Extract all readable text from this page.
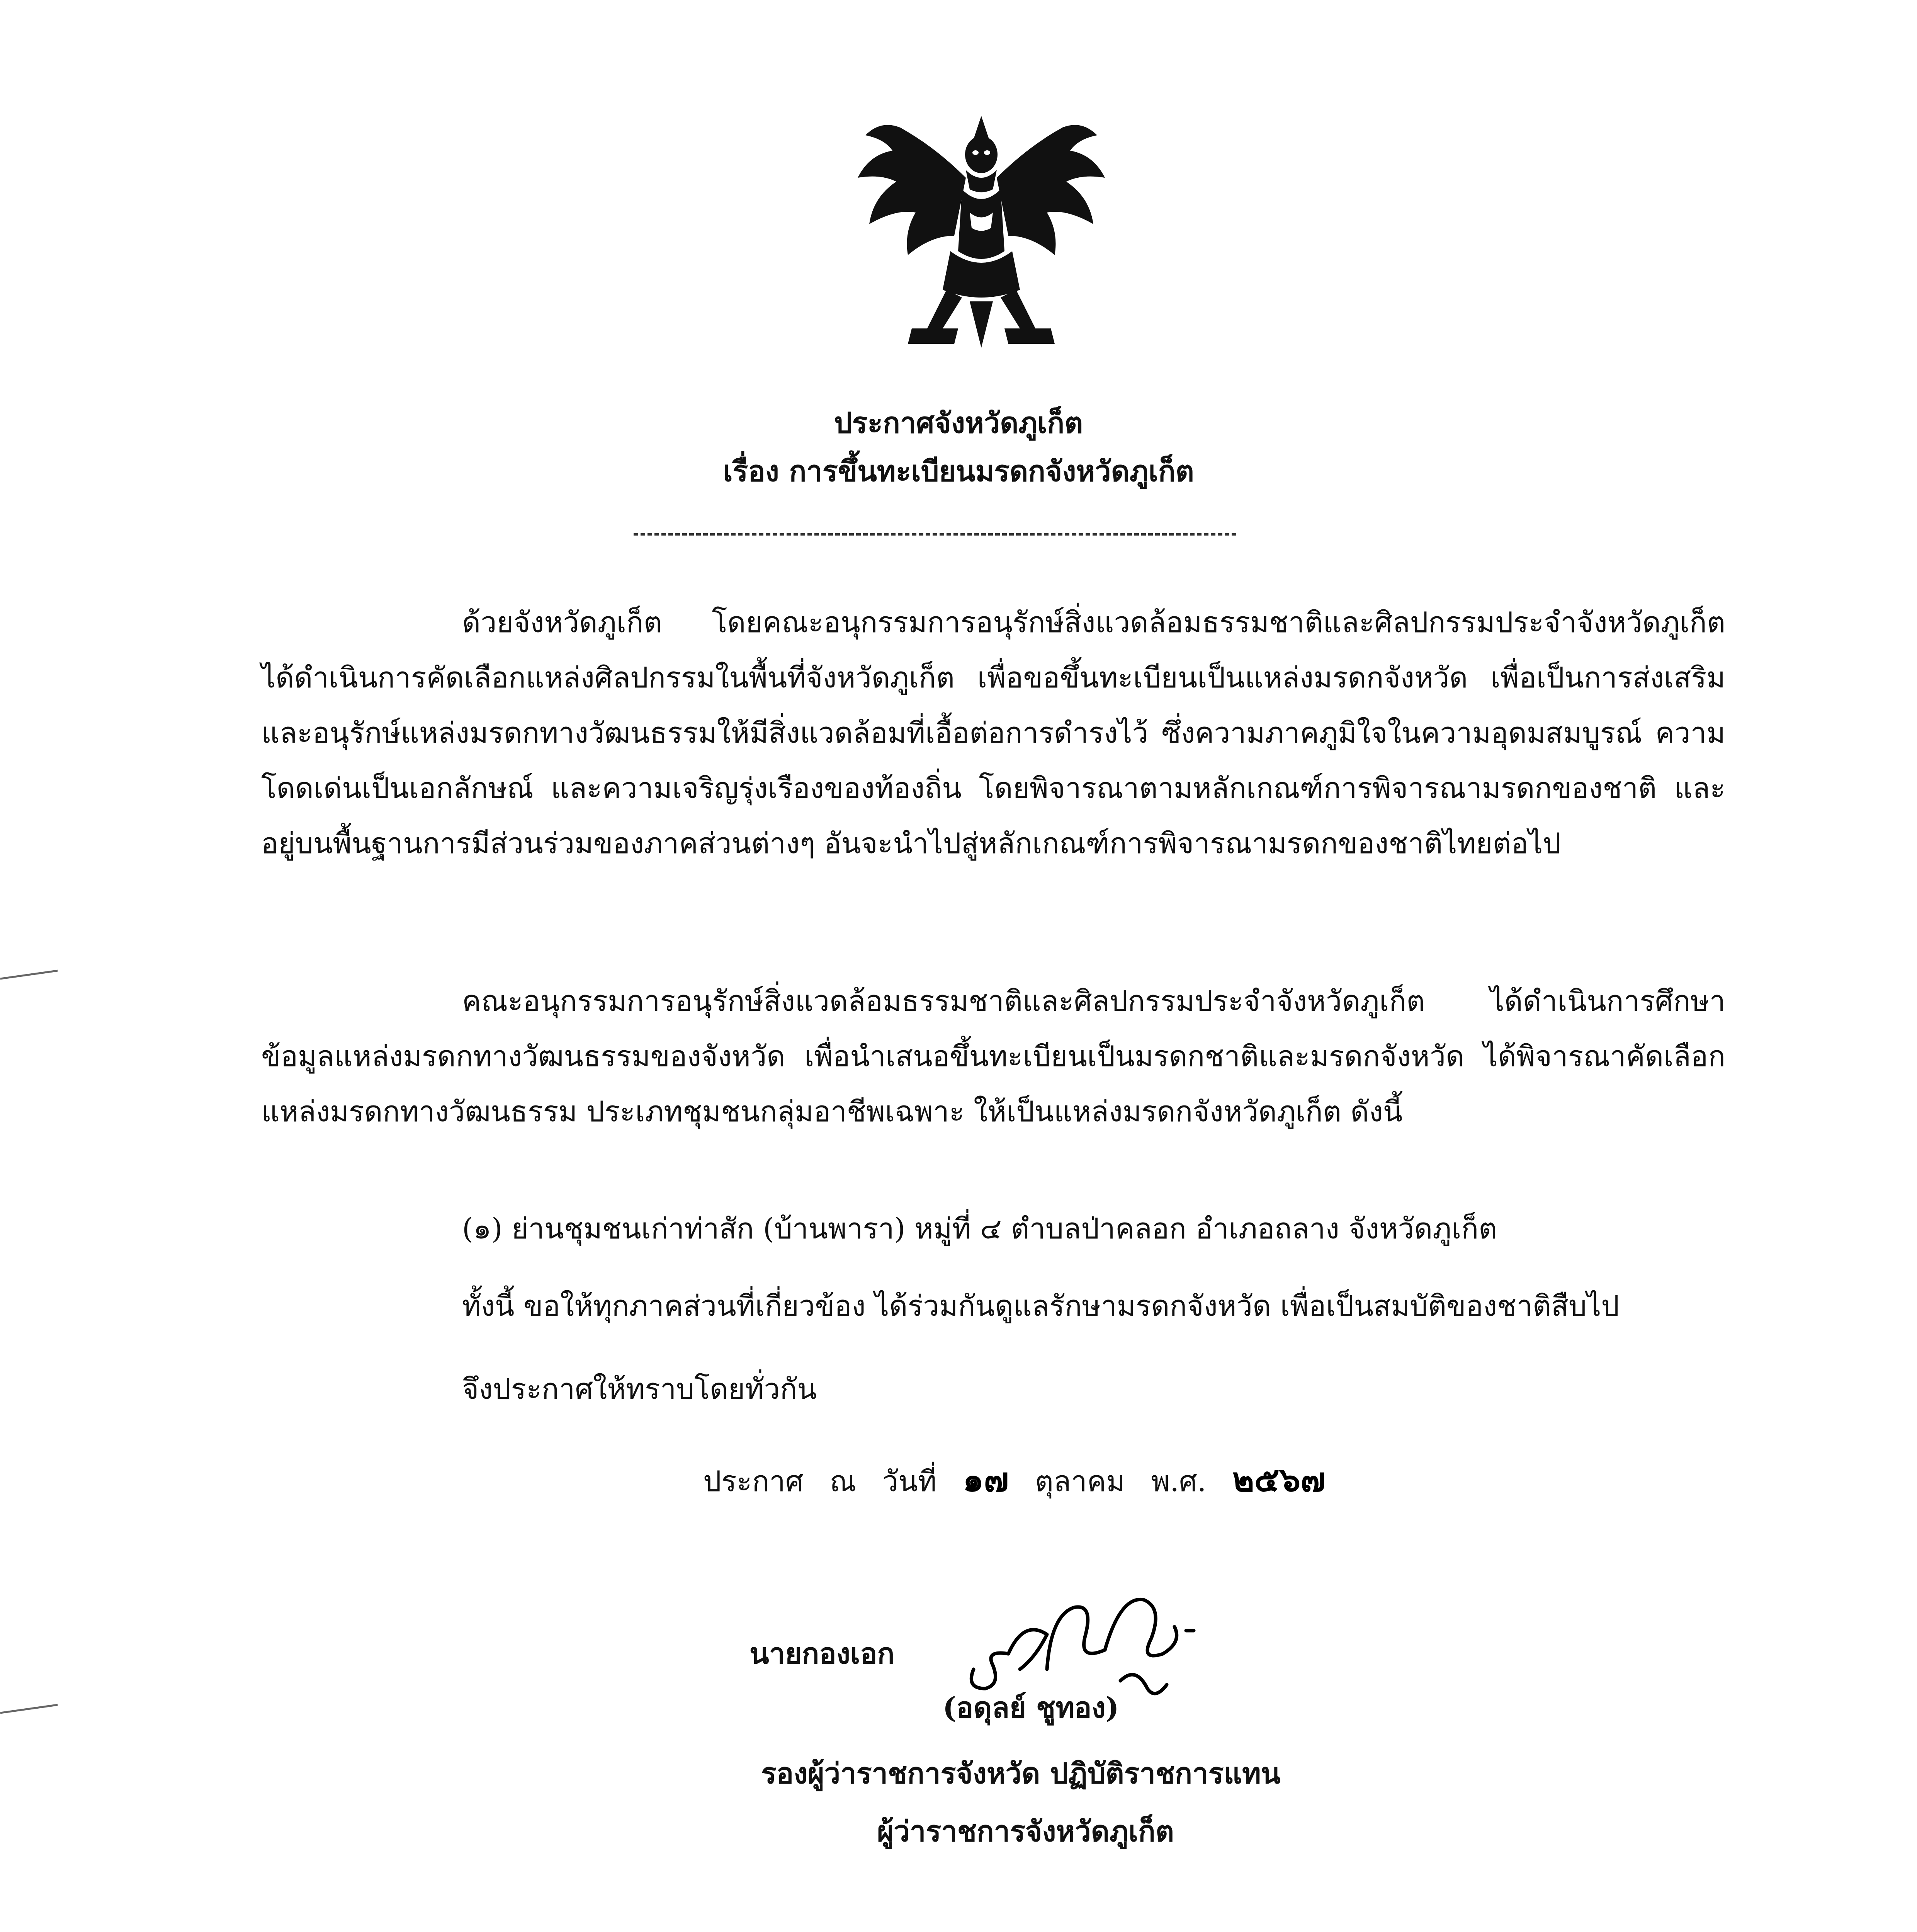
ประกาศจังหวัดภูเก็ต
เรื่อง การขึ้นทะเบียนมรดกจังหวัดภูเก็ต

ด้วยจังหวัดภูเก็ต โดยคณะอนุกรรมการอนุรักษ์สิ่งแวดล้อมธรรมชาติและศิลปกรรมประจำจังหวัดภูเก็ต ได้ดำเนินการคัดเลือกแหล่งศิลปกรรมในพื้นที่จังหวัดภูเก็ต เพื่อขอขึ้นทะเบียนเป็นแหล่งมรดกจังหวัด เพื่อเป็นการส่งเสริมและอนุรักษ์แหล่งมรดกทางวัฒนธรรมให้มีสิ่งแวดล้อมที่เอื้อต่อการดำรงไว้ ซึ่งความภาคภูมิใจในความอุดมสมบูรณ์ ความโดดเด่นเป็นเอกลักษณ์ และความเจริญรุ่งเรืองของท้องถิ่น โดยพิจารณาตามหลักเกณฑ์การพิจารณามรดกของชาติ และอยู่บนพื้นฐานการมีส่วนร่วมของภาคส่วนต่างๆ อันจะนำไปสู่หลักเกณฑ์การพิจารณามรดกของชาติไทยต่อไป

คณะอนุกรรมการอนุรักษ์สิ่งแวดล้อมธรรมชาติและศิลปกรรมประจำจังหวัดภูเก็ต ได้ดำเนินการศึกษาข้อมูลแหล่งมรดกทางวัฒนธรรมของจังหวัด เพื่อนำเสนอขึ้นทะเบียนเป็นมรดกชาติและมรดกจังหวัด ได้พิจารณาคัดเลือกแหล่งมรดกทางวัฒนธรรม ประเภทชุมชนกลุ่มอาชีพเฉพาะ ให้เป็นแหล่งมรดกจังหวัดภูเก็ต ดังนี้

(๑) ย่านชุมชนเก่าท่าสัก (บ้านพารา) หมู่ที่ ๔ ตำบลป่าคลอก อำเภอถลาง จังหวัดภูเก็ต
ทั้งนี้ ขอให้ทุกภาคส่วนที่เกี่ยวข้อง ได้ร่วมกันดูแลรักษามรดกจังหวัด เพื่อเป็นสมบัติของชาติสืบไป
จึงประกาศให้ทราบโดยทั่วกัน
ประกาศ ณ วันที่ ๑๗ ตุลาคม พ.ศ. ๒๕๖๗
นายกองเอก
(อดุลย์ ชูทอง)
รองผู้ว่าราชการจังหวัด ปฏิบัติราชการแทน
ผู้ว่าราชการจังหวัดภูเก็ต
